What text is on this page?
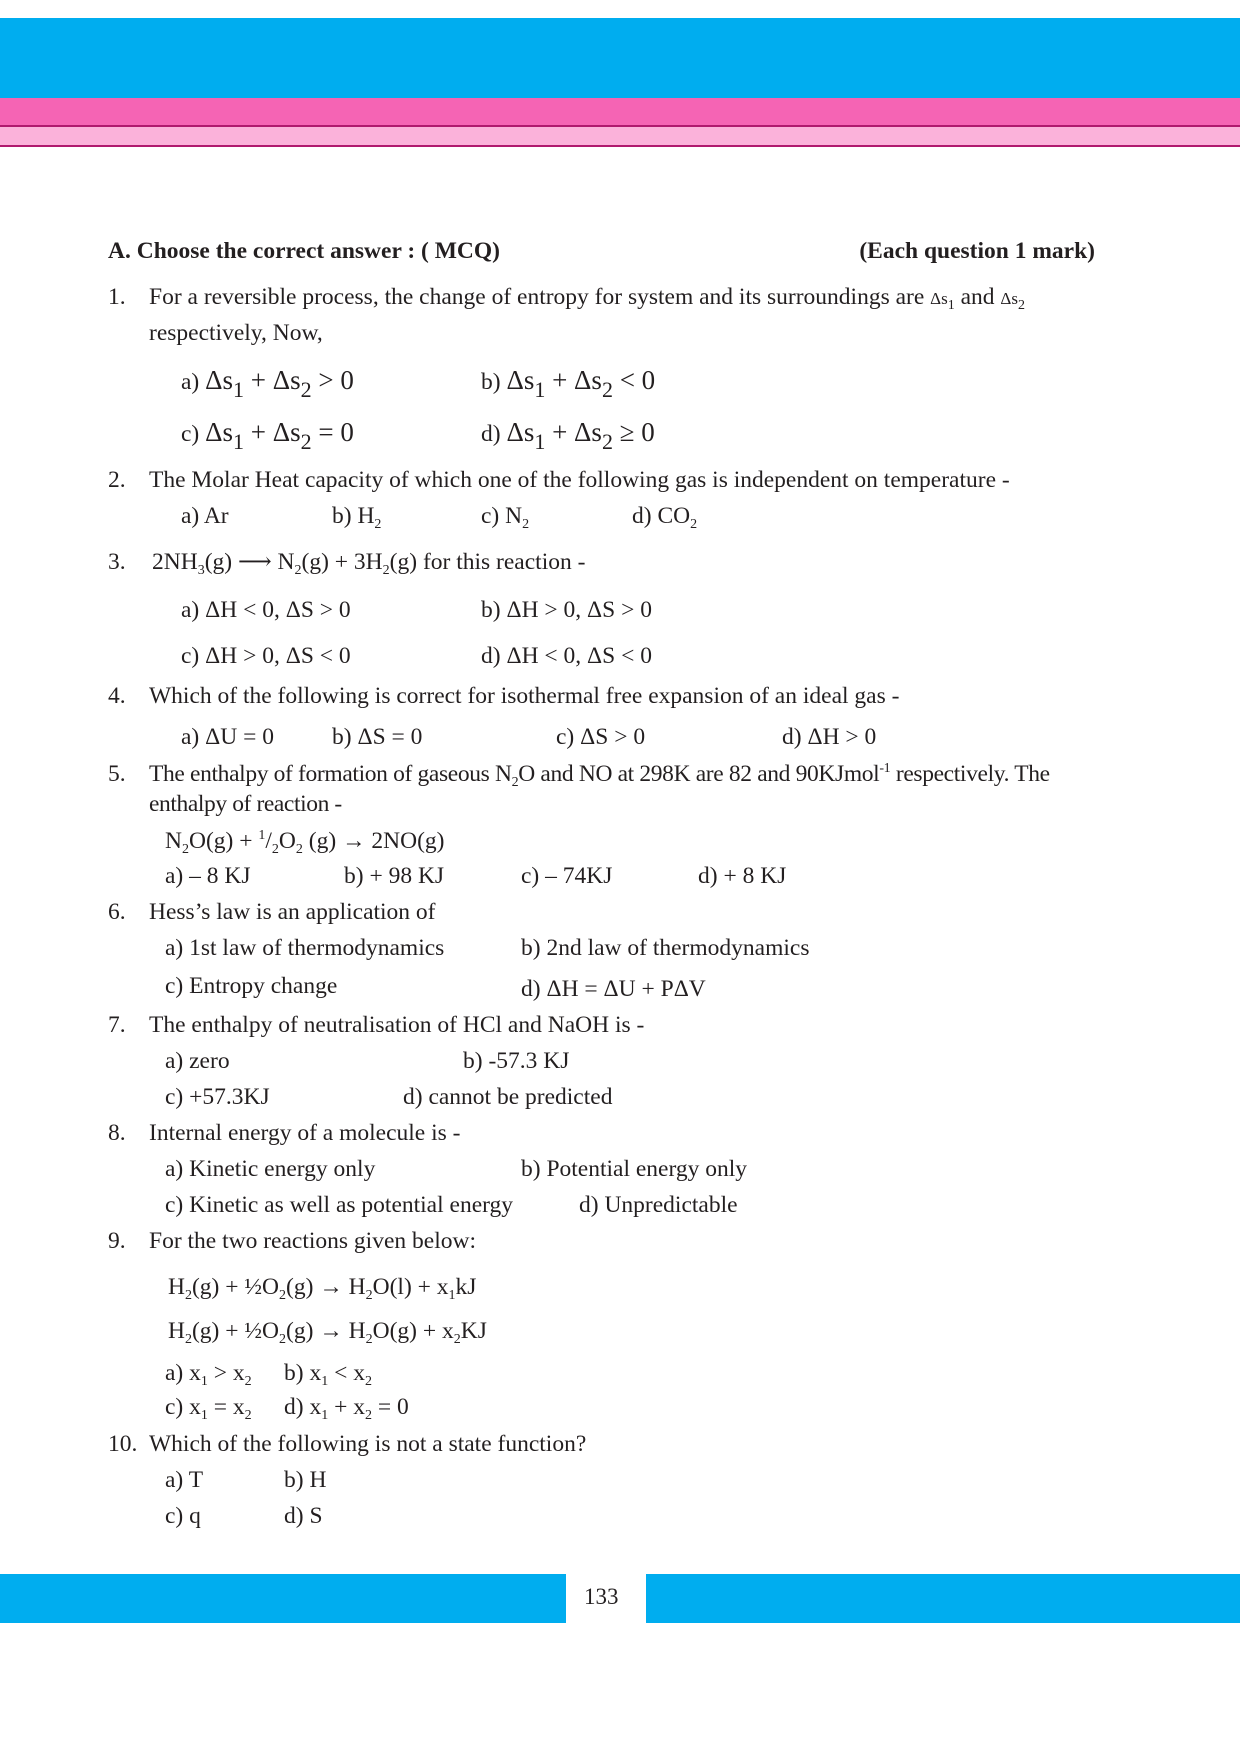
A. Choose the correct answer : ( MCQ)	(Each question 1 mark)
1. For a reversible process, the change of entropy for system and its surroundings are $\Delta s_1$ and $\Delta s_2$
respectively, Now,
a) $\Delta s_1 + \Delta s_2 > 0$	b) $\Delta s_1 + \Delta s_2 < 0$
c) $\Delta s_1 + \Delta s_2 = 0$	d) $\Delta s_1 + \Delta s_2 \ge 0$
2. The Molar Heat capacity of which one of the following gas is independent on temperature -
a) Ar	b) $H_2$	c) $N_2$	d) $CO_2$
3. $2NH_3(g)$ ⟶ $N_2(g) + 3H_2(g)$ for this reaction -
a) ΔH < 0, ΔS > 0	b) ΔH > 0, ΔS > 0
c) ΔH > 0, ΔS < 0	d) ΔH < 0, ΔS < 0
4. Which of the following is correct for isothermal free expansion of an ideal gas -
a) ΔU = 0 b) ΔS = 0	c) ΔS > 0	d) ΔH > 0
5. The enthalpy of formation of gaseous $N_2O$ and NO at 298K are 82 and 90KJmol$^{-1}$ respectively. The
enthalpy of reaction -
$N_2O(g) + ^1/_2O_2$ (g) → 2NO(g)
a) – 8 KJ	b) + 98 KJ	c) – 74KJ	d) + 8 KJ
6. Hess’s law is an application of
a) 1st law of thermodynamics	b) 2nd law of thermodynamics
c) Entropy change	d) ΔH = ΔU + PΔV
7. The enthalpy of neutralisation of HCl and NaOH is -
a) zero	b) -57.3 KJ
c) +57.3KJ	d) cannot be predicted
8. Internal energy of a molecule is -
a) Kinetic energy only	b) Potential energy only
c) Kinetic as well as potential energy	d) Unpredictable
9. For the two reactions given below:
$H_2(g)$ + $\frac{1}{2}O_2(g) \to H_2O(l) + x_1kJ$
$H_2(g)$ + $\frac{1}{2}O_2(g) \to H_2O(g) + x_2KJ$
a) $x_1 > x_2$ b) $x_1 < x_2$
c) $x_1 = x_2$ d) $x_1 + x_2 = 0$
10. Which of the following is not a state function?
a) T	b) H
c) q	d) S
133
